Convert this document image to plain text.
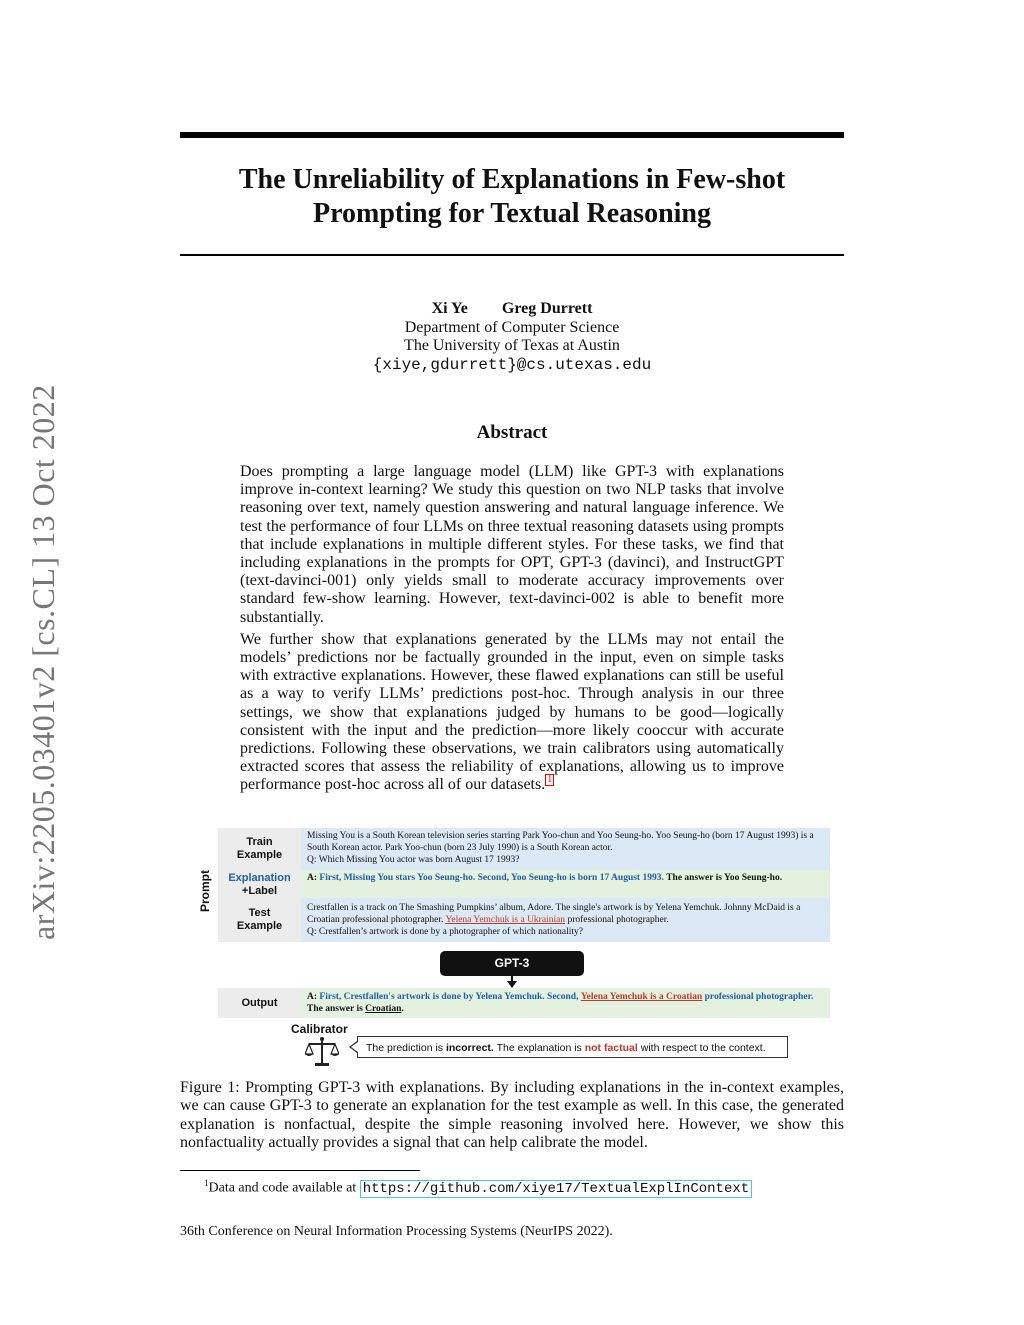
arXiv:2205.03401v2 [cs.CL] 13 Oct 2022
The Unreliability of Explanations in Few-shot
Prompting for Textual Reasoning
Xi Ye Greg Durrett
Department of Computer Science
The University of Texas at Austin
{xiye,gdurrett}@cs.utexas.edu
Abstract

Does prompting a large language model (LLM) like GPT-3 with explanations improve in-context learning? We study this question on two NLP tasks that involve reasoning over text, namely question answering and natural language inference. We test the performance of four LLMs on three textual reasoning datasets using prompts that include explanations in multiple different styles. For these tasks, we find that including explanations in the prompts for OPT, GPT-3 (davinci), and InstructGPT (text-davinci-001) only yields small to moderate accuracy improvements over standard few-show learning. However, text-davinci-002 is able to benefit more substantially.

We further show that explanations generated by the LLMs may not entail the models’ predictions nor be factually grounded in the input, even on simple tasks with extractive explanations. However, these flawed explanations can still be useful as a way to verify LLMs’ predictions post-hoc. Through analysis in our three settings, we show that explanations judged by humans to be good—logically consistent with the input and the prediction—more likely cooccur with accurate predictions. Following these observations, we train calibrators using automatically extracted scores that assess the reliability of explanations, allowing us to improve performance post-hoc across all of our datasets. 1

Prompt
Train
Example
Missing You is a South Korean television series starring Park Yoo-chun and Yoo Seung-ho. Yoo Seung-ho (born 17 August 1993) is a South Korean actor. Park Yoo-chun (born 23 July 1990) is a South Korean actor.
Q: Which Missing You actor was born August 17 1993?
Explanation
+Label
A: First, Missing You stars Yoo Seung-ho. Second, Yoo Seung-ho is born 17 August 1993. The answer is Yoo Seung-ho.
Test
Example
Crestfallen is a track on The Smashing Pumpkins’ album, Adore. The single's artwork is by Yelena Yemchuk. Johnny McDaid is a Croatian professional photographer. Yelena Yemchuk is a Ukrainian professional photographer.
Q: Crestfallen’s artwork is done by a photographer of which nationality?
GPT-3
Output	A: First, Crestfallen's artwork is done by Yelena Yemchuk. Second, Yelena Yemchuk is a Croatian professional photographer. The answer is Croatian.
Calibrator
The prediction is incorrect. The explanation is not factual with respect to the context.
Figure 1: Prompting GPT-3 with explanations. By including explanations in the in-context examples, we can cause GPT-3 to generate an explanation for the test example as well. In this case, the generated explanation is nonfactual, despite the simple reasoning involved here. However, we show this nonfactuality actually provides a signal that can help calibrate the model.
$^1$Data and code available at https://github.com/xiye17/TextualExplInContext
36th Conference on Neural Information Processing Systems (NeurIPS 2022).
